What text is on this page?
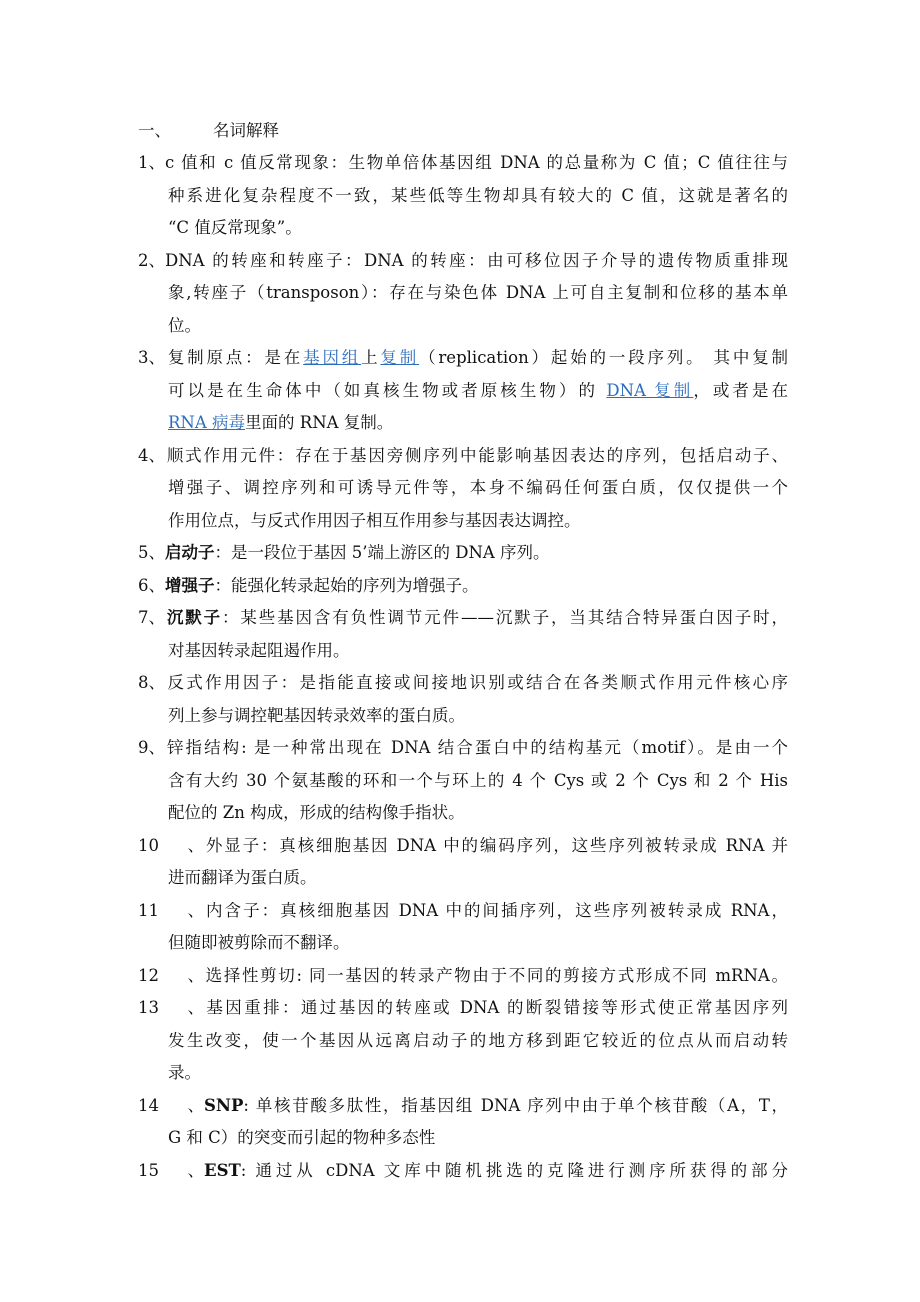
一、	名词解释
1、c 值和 c 值反常现象：生物单倍体基因组 DNA 的总量称为 C 值；C 值往往与
种系进化复杂程度不一致，某些低等生物却具有较大的 C 值，这就是著名的
“C 值反常现象”。
2、DNA 的转座和转座子：DNA 的转座：由可移位因子介导的遗传物质重排现
象,转座子（transposon）：存在与染色体 DNA 上可自主复制和位移的基本单
位。
3、复制原点：是在基因组上复制（replication）起始的一段序列。 其中复制
可以是在生命体中（如真核生物或者原核生物）的 DNA 复制，或者是在
RNA 病毒里面的 RNA 复制。
4、顺式作用元件：存在于基因旁侧序列中能影响基因表达的序列，包括启动子、
增强子、调控序列和可诱导元件等，本身不编码任何蛋白质，仅仅提供一个
作用位点，与反式作用因子相互作用参与基因表达调控。
5、启动子：是一段位于基因 5’端上游区的 DNA 序列。
6、增强子：能强化转录起始的序列为增强子。
7、沉默子：某些基因含有负性调节元件——沉默子，当其结合特异蛋白因子时，
对基因转录起阻遏作用。
8、反式作用因子：是指能直接或间接地识别或结合在各类顺式作用元件核心序
列上参与调控靶基因转录效率的蛋白质。
9、锌指结构: 是一种常出现在 DNA 结合蛋白中的结构基元（motif）。是由一个
含有大约 30 个氨基酸的环和一个与环上的 4 个 Cys 或 2 个 Cys 和 2 个 His
配位的 Zn 构成，形成的结构像手指状。
10、外显子：真核细胞基因 DNA 中的编码序列，这些序列被转录成 RNA 并
进而翻译为蛋白质。
11、内含子：真核细胞基因 DNA 中的间插序列，这些序列被转录成 RNA，
但随即被剪除而不翻译。
12、选择性剪切: 同一基因的转录产物由于不同的剪接方式形成不同 mRNA。
13、基因重排：通过基因的转座或 DNA 的断裂错接等形式使正常基因序列
发生改变，使一个基因从远离启动子的地方移到距它较近的位点从而启动转
录。
14、SNP: 单核苷酸多肽性，指基因组 DNA 序列中由于单个核苷酸（A，T，
G 和 C）的突变而引起的物种多态性
15、EST: 通过从 cDNA 文库中随机挑选的克隆进行测序所获得的部分
